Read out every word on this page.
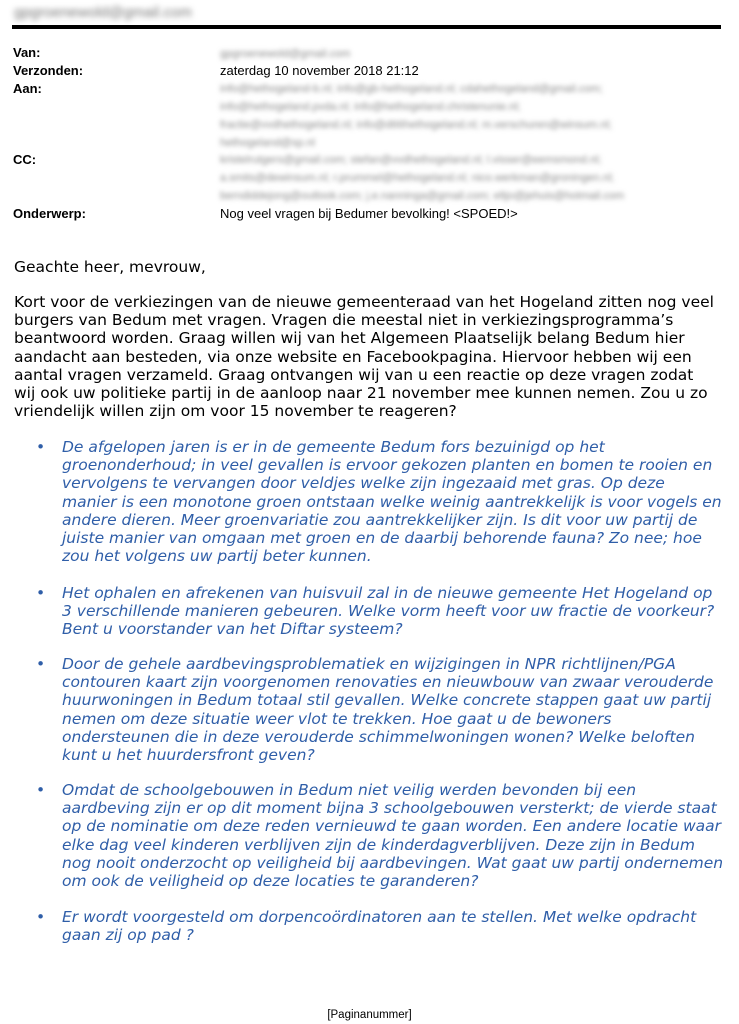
gpgroenewold@gmail.com
Van:
Verzonden:
Aan:
CC:
Onderwerp:
gpgroenewold@gmail.com
zaterdag 10 november 2018 21:12
info@hethogeland-b.nl; info@gb-hethogeland.nl; cdahethogeland@gmail.com;
info@hethogeland.pvda.nl; info@hethogeland.christenunie.nl;
fractie@vvdhethogeland.nl; info@d66hethogeland.nl; m.verschuren@winsum.nl;
hethogeland@sp.nl
kristelrutgers@gmail.com; stefan@vvdhethogeland.nl; l.visser@eemsmond.nl;
a.smits@dewinsum.nl; r.prummel@hethogeland.nl; nico.werkman@groningen.nl;
berndiddejong@outlook.com; j.e.nanninga@gmail.com; eltjo@jehuis@hotmail.com
Nog veel vragen bij Bedumer bevolking! <SPOED!>
Geachte heer, mevrouw,
Kort voor de verkiezingen van de nieuwe gemeenteraad van het Hogeland zitten nog veel burgers van Bedum met vragen. Vragen die meestal niet in verkiezingsprogramma’s beantwoord worden. Graag willen wij van het Algemeen Plaatselijk belang Bedum hier aandacht aan besteden, via onze website en Facebookpagina. Hiervoor hebben wij een aantal vragen verzameld. Graag ontvangen wij van u een reactie op deze vragen zodat wij ook uw politieke partij in de aanloop naar 21 november mee kunnen nemen. Zou u zo vriendelijk willen zijn om voor 15 november te reageren?
• De afgelopen jaren is er in de gemeente Bedum fors bezuinigd op het groenonderhoud; in veel gevallen is ervoor gekozen planten en bomen te rooien en vervolgens te vervangen door veldjes welke zijn ingezaaid met gras. Op deze manier is een monotone groen ontstaan welke weinig aantrekkelijk is voor vogels en andere dieren. Meer groenvariatie zou aantrekkelijker zijn. Is dit voor uw partij de juiste manier van omgaan met groen en de daarbij behorende fauna? Zo nee; hoe zou het volgens uw partij beter kunnen.
• Het ophalen en afrekenen van huisvuil zal in de nieuwe gemeente Het Hogeland op 3 verschillende manieren gebeuren. Welke vorm heeft voor uw fractie de voorkeur? Bent u voorstander van het Diftar systeem?
• Door de gehele aardbevingsproblematiek en wijzigingen in NPR richtlijnen/PGA contouren kaart zijn voorgenomen renovaties en nieuwbouw van zwaar verouderde huurwoningen in Bedum totaal stil gevallen. Welke concrete stappen gaat uw partij nemen om deze situatie weer vlot te trekken. Hoe gaat u de bewoners ondersteunen die in deze verouderde schimmelwoningen wonen? Welke beloften kunt u het huurdersfront geven?
• Omdat de schoolgebouwen in Bedum niet veilig werden bevonden bij een aardbeving zijn er op dit moment bijna 3 schoolgebouwen versterkt; de vierde staat op de nominatie om deze reden vernieuwd te gaan worden. Een andere locatie waar elke dag veel kinderen verblijven zijn de kinderdagverblijven. Deze zijn in Bedum nog nooit onderzocht op veiligheid bij aardbevingen. Wat gaat uw partij ondernemen om ook de veiligheid op deze locaties te garanderen?
• Er wordt voorgesteld om dorpencoördinatoren aan te stellen. Met welke opdracht gaan zij op pad ?
[Paginanummer]
